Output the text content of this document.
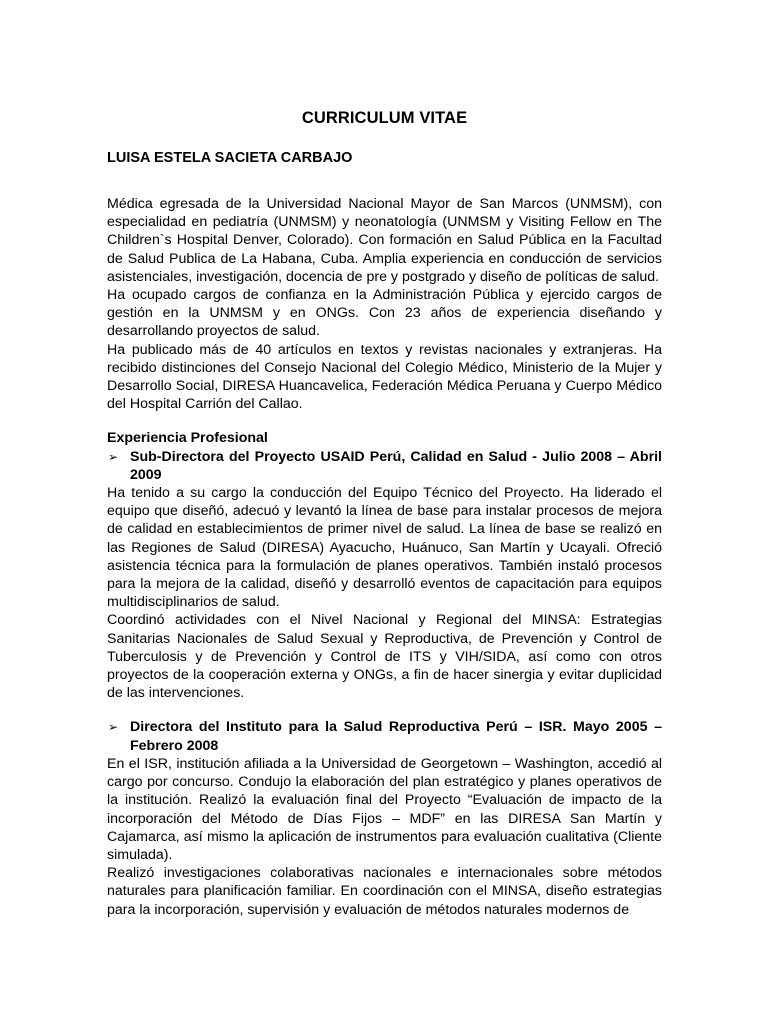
CURRICULUM VITAE

LUISA ESTELA SACIETA CARBAJO

Médica egresada de la Universidad Nacional Mayor de San Marcos (UNMSM), con especialidad en pediatría (UNMSM) y neonatología (UNMSM y Visiting Fellow en The Children`s Hospital Denver, Colorado). Con formación en Salud Pública en la Facultad de Salud Publica de La Habana, Cuba. Amplia experiencia en conducción de servicios asistenciales, investigación, docencia de pre y postgrado y diseño de políticas de salud.

Ha ocupado cargos de confianza en la Administración Pública y ejercido cargos de gestión en la UNMSM y en ONGs. Con 23 años de experiencia diseñando y desarrollando proyectos de salud.

Ha publicado más de 40 artículos en textos y revistas nacionales y extranjeras. Ha recibido distinciones del Consejo Nacional del Colegio Médico, Ministerio de la Mujer y Desarrollo Social, DIRESA Huancavelica, Federación Médica Peruana y Cuerpo Médico del Hospital Carrión del Callao.

Experiencia Profesional

➢ Sub-Directora del Proyecto USAID Perú, Calidad en Salud - Julio 2008 – Abril 2009

Ha tenido a su cargo la conducción del Equipo Técnico del Proyecto. Ha liderado el equipo que diseñó, adecuó y levantó la línea de base para instalar procesos de mejora de calidad en establecimientos de primer nivel de salud. La línea de base se realizó en las Regiones de Salud (DIRESA) Ayacucho, Huánuco, San Martín y Ucayali. Ofreció asistencia técnica para la formulación de planes operativos. También instaló procesos para la mejora de la calidad, diseñó y desarrolló eventos de capacitación para equipos multidisciplinarios de salud.

Coordinó actividades con el Nivel Nacional y Regional del MINSA: Estrategias Sanitarias Nacionales de Salud Sexual y Reproductiva, de Prevención y Control de Tuberculosis y de Prevención y Control de ITS y VIH/SIDA, así como con otros proyectos de la cooperación externa y ONGs, a fin de hacer sinergia y evitar duplicidad de las intervenciones.

➢ Directora del Instituto para la Salud Reproductiva Perú – ISR. Mayo 2005 – Febrero 2008

En el ISR, institución afiliada a la Universidad de Georgetown – Washington, accedió al cargo por concurso. Condujo la elaboración del plan estratégico y planes operativos de la institución. Realizó la evaluación final del Proyecto “Evaluación de impacto de la incorporación del Método de Días Fijos – MDF” en las DIRESA San Martín y Cajamarca, así mismo la aplicación de instrumentos para evaluación cualitativa (Cliente simulada).

Realizó investigaciones colaborativas nacionales e internacionales sobre métodos naturales para planificación familiar. En coordinación con el MINSA, diseño estrategias para la incorporación, supervisión y evaluación de métodos naturales modernos de
